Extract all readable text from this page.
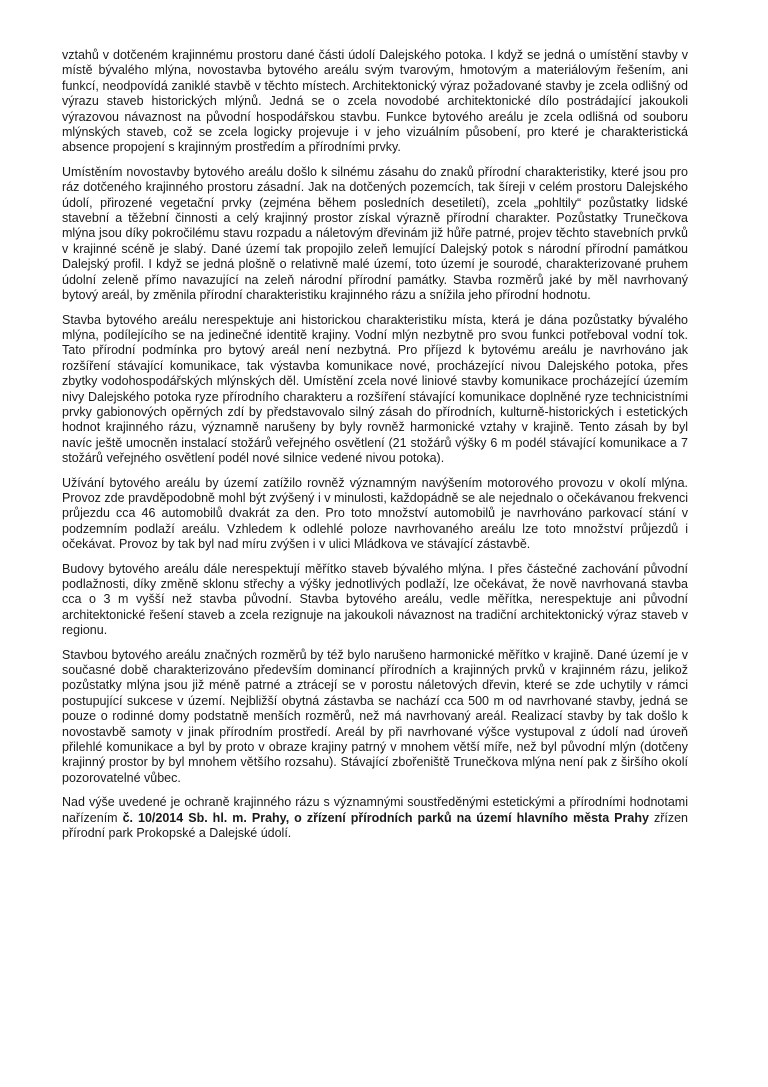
vztahů v dotčeném krajinnému prostoru dané části údolí Dalejského potoka. I když se jedná o umístění stavby v místě bývalého mlýna, novostavba bytového areálu svým tvarovým, hmotovým a materiálovým řešením, ani funkcí, neodpovídá zaniklé stavbě v těchto místech. Architektonický výraz požadované stavby je zcela odlišný od výrazu staveb historických mlýnů. Jedná se o zcela novodobé architektonické dílo postrádající jakoukoli výrazovou návaznost na původní hospodářskou stavbu. Funkce bytového areálu je zcela odlišná od souboru mlýnských staveb, což se zcela logicky projevuje i v jeho vizuálním působení, pro které je charakteristická absence propojení s krajinným prostředím a přírodními prvky.

Umístěním novostavby bytového areálu došlo k silnému zásahu do znaků přírodní charakteristiky, které jsou pro ráz dotčeného krajinného prostoru zásadní. Jak na dotčených pozemcích, tak šíreji v celém prostoru Dalejského údolí, přirozené vegetační prvky (zejména během posledních desetiletí), zcela „pohltily“ pozůstatky lidské stavební a těžební činnosti a celý krajinný prostor získal výrazně přírodní charakter. Pozůstatky Trunečkova mlýna jsou díky pokročilému stavu rozpadu a náletovým dřevinám již hůře patrné, projev těchto stavebních prvků v krajinné scéně je slabý. Dané území tak propojilo zeleň lemující Dalejský potok s národní přírodní památkou Dalejský profil. I když se jedná plošně o relativně malé území, toto území je sourodé, charakterizované pruhem údolní zeleně přímo navazující na zeleň národní přírodní památky. Stavba rozměrů jaké by měl navrhovaný bytový areál, by změnila přírodní charakteristiku krajinného rázu a snížila jeho přírodní hodnotu.

Stavba bytového areálu nerespektuje ani historickou charakteristiku místa, která je dána pozůstatky bývalého mlýna, podílejícího se na jedinečné identitě krajiny. Vodní mlýn nezbytně pro svou funkci potřeboval vodní tok. Tato přírodní podmínka pro bytový areál není nezbytná. Pro příjezd k bytovému areálu je navrhováno jak rozšíření stávající komunikace, tak výstavba komunikace nové, procházející nivou Dalejského potoka, přes zbytky vodohospodářských mlýnských děl. Umístění zcela nové liniové stavby komunikace procházející územím nivy Dalejského potoka ryze přírodního charakteru a rozšíření stávající komunikace doplněné ryze technicistními prvky gabionových opěrných zdí by představovalo silný zásah do přírodních, kulturně-historických i estetických hodnot krajinného rázu, významně narušeny by byly rovněž harmonické vztahy v krajině. Tento zásah by byl navíc ještě umocněn instalací stožárů veřejného osvětlení (21 stožárů výšky 6 m podél stávající komunikace a 7 stožárů veřejného osvětlení podél nové silnice vedené nivou potoka).

Užívání bytového areálu by území zatížilo rovněž významným navýšením motorového provozu v okolí mlýna. Provoz zde pravděpodobně mohl být zvýšený i v minulosti, každopádně se ale nejednalo o očekávanou frekvenci průjezdu cca 46 automobilů dvakrát za den. Pro toto množství automobilů je navrhováno parkovací stání v podzemním podlaží areálu. Vzhledem k odlehlé poloze navrhovaného areálu lze toto množství průjezdů i očekávat. Provoz by tak byl nad míru zvýšen i v ulici Mládkova ve stávající zástavbě.

Budovy bytového areálu dále nerespektují měřítko staveb bývalého mlýna. I přes částečné zachování původní podlažnosti, díky změně sklonu střechy a výšky jednotlivých podlaží, lze očekávat, že nově navrhovaná stavba cca o 3 m vyšší než stavba původní. Stavba bytového areálu, vedle měřítka, nerespektuje ani původní architektonické řešení staveb a zcela rezignuje na jakoukoli návaznost na tradiční architektonický výraz staveb v regionu.

Stavbou bytového areálu značných rozměrů by též bylo narušeno harmonické měřítko v krajině. Dané území je v současné době charakterizováno především dominancí přírodních a krajinných prvků v krajinném rázu, jelikož pozůstatky mlýna jsou již méně patrné a ztrácejí se v porostu náletových dřevin, které se zde uchytily v rámci postupující sukcese v území. Nejbližší obytná zástavba se nachází cca 500 m od navrhované stavby, jedná se pouze o rodinné domy podstatně menších rozměrů, než má navrhovaný areál. Realizací stavby by tak došlo k novostavbě samoty v jinak přírodním prostředí. Areál by při navrhované výšce vystupoval z údolí nad úroveň přilehlé komunikace a byl by proto v obraze krajiny patrný v mnohem větší míře, než byl původní mlýn (dotčeny krajinný prostor by byl mnohem většího rozsahu). Stávající zbořeniště Trunečkova mlýna není pak z širšího okolí pozorovatelné vůbec.

Nad výše uvedené je ochraně krajinného rázu s významnými soustředěnými estetickými a přírodními hodnotami nařízením č. 10/2014 Sb. hl. m. Prahy, o zřízení přírodních parků na území hlavního města Prahy zřízen přírodní park Prokopské a Dalejské údolí.
